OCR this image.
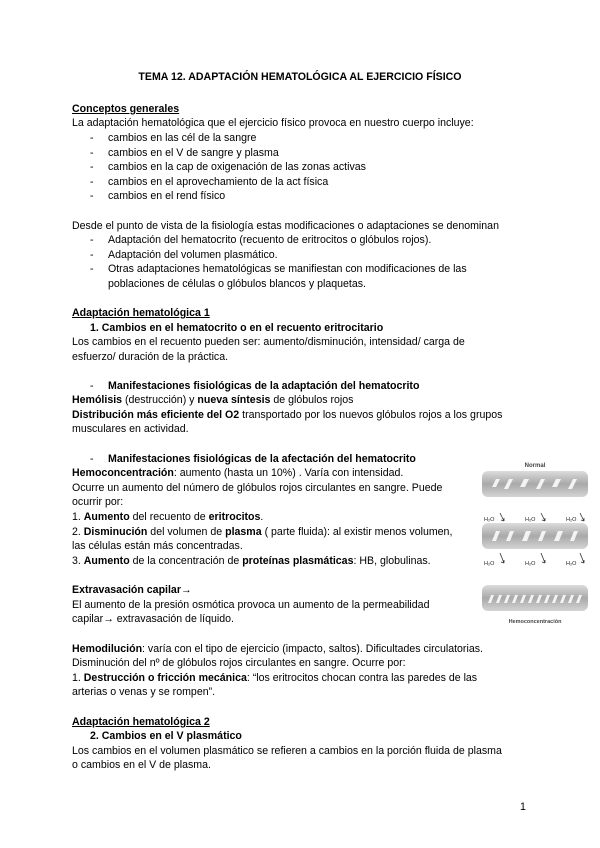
TEMA 12. ADAPTACIÓN HEMATOLÓGICA AL EJERCICIO FÍSICO
Conceptos generales
La adaptación hematológica que el ejercicio físico provoca en nuestro cuerpo incluye:
- cambios en las cél de la sangre
- cambios en el V de sangre y plasma
- cambios en la cap de oxigenación de las zonas activas
- cambios en el aprovechamiento de la act física
- cambios en el rend físico
Desde el punto de vista de la fisiología estas modificaciones o adaptaciones se denominan
- Adaptación del hematocrito (recuento de eritrocitos o glóbulos rojos).
- Adaptación del volumen plasmático.
- Otras adaptaciones hematológicas se manifiestan con modificaciones de las
poblaciones de células o glóbulos blancos y plaquetas.
Adaptación hematológica 1
1. Cambios en el hematocrito o en el recuento eritrocitario
Los cambios en el recuento pueden ser: aumento/disminución, intensidad/ carga de
esfuerzo/ duración de la práctica.
- Manifestaciones fisiológicas de la adaptación del hematocrito
Hemólisis (destrucción) y nueva síntesis de glóbulos rojos
Distribución más eficiente del O2 transportado por los nuevos glóbulos rojos a los grupos
musculares en actividad.
- Manifestaciones fisiológicas de la afectación del hematocrito
Hemoconcentración: aumento (hasta un 10%) . Varía con intensidad.
Ocurre un aumento del número de glóbulos rojos circulantes en sangre. Puede
ocurrir por:
1. Aumento del recuento de eritrocitos.
2. Disminución del volumen de plasma ( parte fluida): al existir menos volumen,
las células están más concentradas.
3. Aumento de la concentración de proteínas plasmáticas: HB, globulinas.
Extravasación capilar→
El aumento de la presión osmótica provoca un aumento de la permeabilidad
capilar→ extravasación de líquido.
Hemodilución: varía con el tipo de ejercicio (impacto, saltos). Dificultades circulatorias.
Disminución del nº de glóbulos rojos circulantes en sangre. Ocurre por:
1. Destrucción o fricción mecánica: “los eritrocitos chocan contra las paredes de las
arterias o venas y se rompen”.
Adaptación hematológica 2
2. Cambios en el V plasmático
Los cambios en el volumen plasmático se refieren a cambios en la porción fluida de plasma
o cambios en el V de plasma.
1
Normal
H₂O	H₂O	H₂O
H₂O	H₂O	H₂O
Hemoconcentración
